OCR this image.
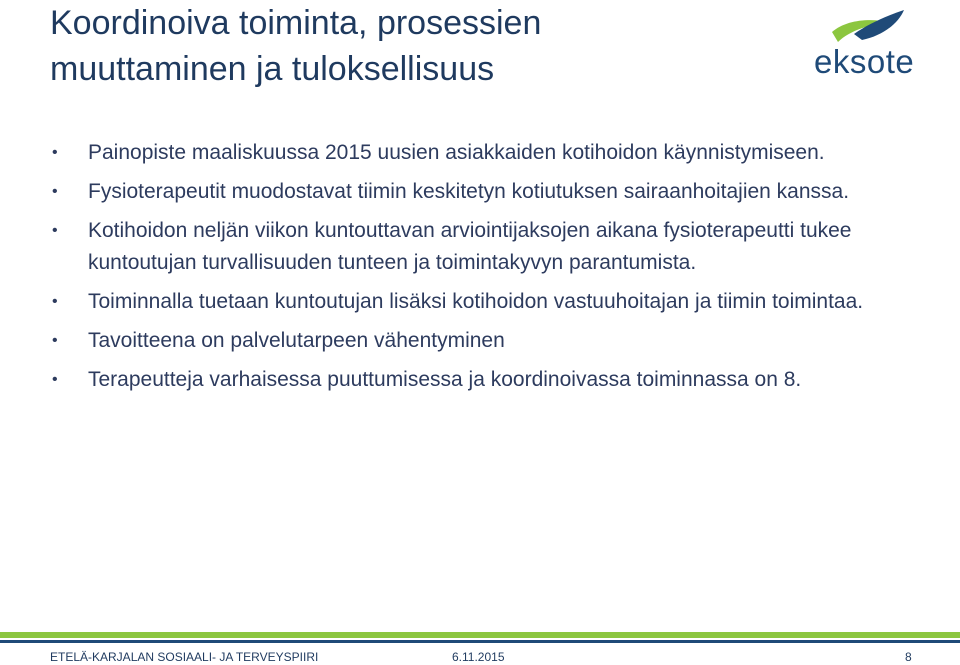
Koordinoiva toiminta, prosessien
muuttaminen ja tuloksellisuus	eksote
•	Painopiste maaliskuussa 2015 uusien asiakkaiden kotihoidon käynnistymiseen.
•	Fysioterapeutit muodostavat tiimin keskitetyn kotiutuksen sairaanhoitajien kanssa.
•	Kotihoidon neljän viikon kuntouttavan arviointijaksojen aikana fysioterapeutti tukee kuntoutujan turvallisuuden tunteen ja toimintakyvyn parantumista.
•	Toiminnalla tuetaan kuntoutujan lisäksi kotihoidon vastuuhoitajan ja tiimin toimintaa.
•	Tavoitteena on palvelutarpeen vähentyminen
•	Terapeutteja varhaisessa puuttumisessa ja koordinoivassa toiminnassa on 8.
ETELÄ-KARJALAN SOSIAALI- JA TERVEYSPIIRI	6.11.2015	8
